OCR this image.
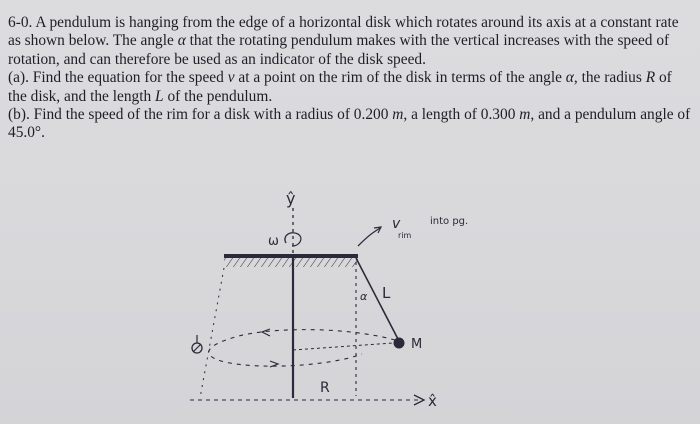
6-0. A pendulum is hanging from the edge of a horizontal disk which rotates around its axis at a constant rate as shown below. The angle α that the rotating pendulum makes with the vertical increases with the speed of rotation, and can therefore be used as an indicator of the disk speed.

(a). Find the equation for the speed v at a point on the rim of the disk in terms of the angle α, the radius R of the disk, and the length L of the pendulum.

(b). Find the speed of the rim for a disk with a radius of 0.200 m, a length of 0.300 m, and a pendulum angle of 45.0°.

ŷ
ω
v
rim
into pg.
L
α
M
R
x̂
